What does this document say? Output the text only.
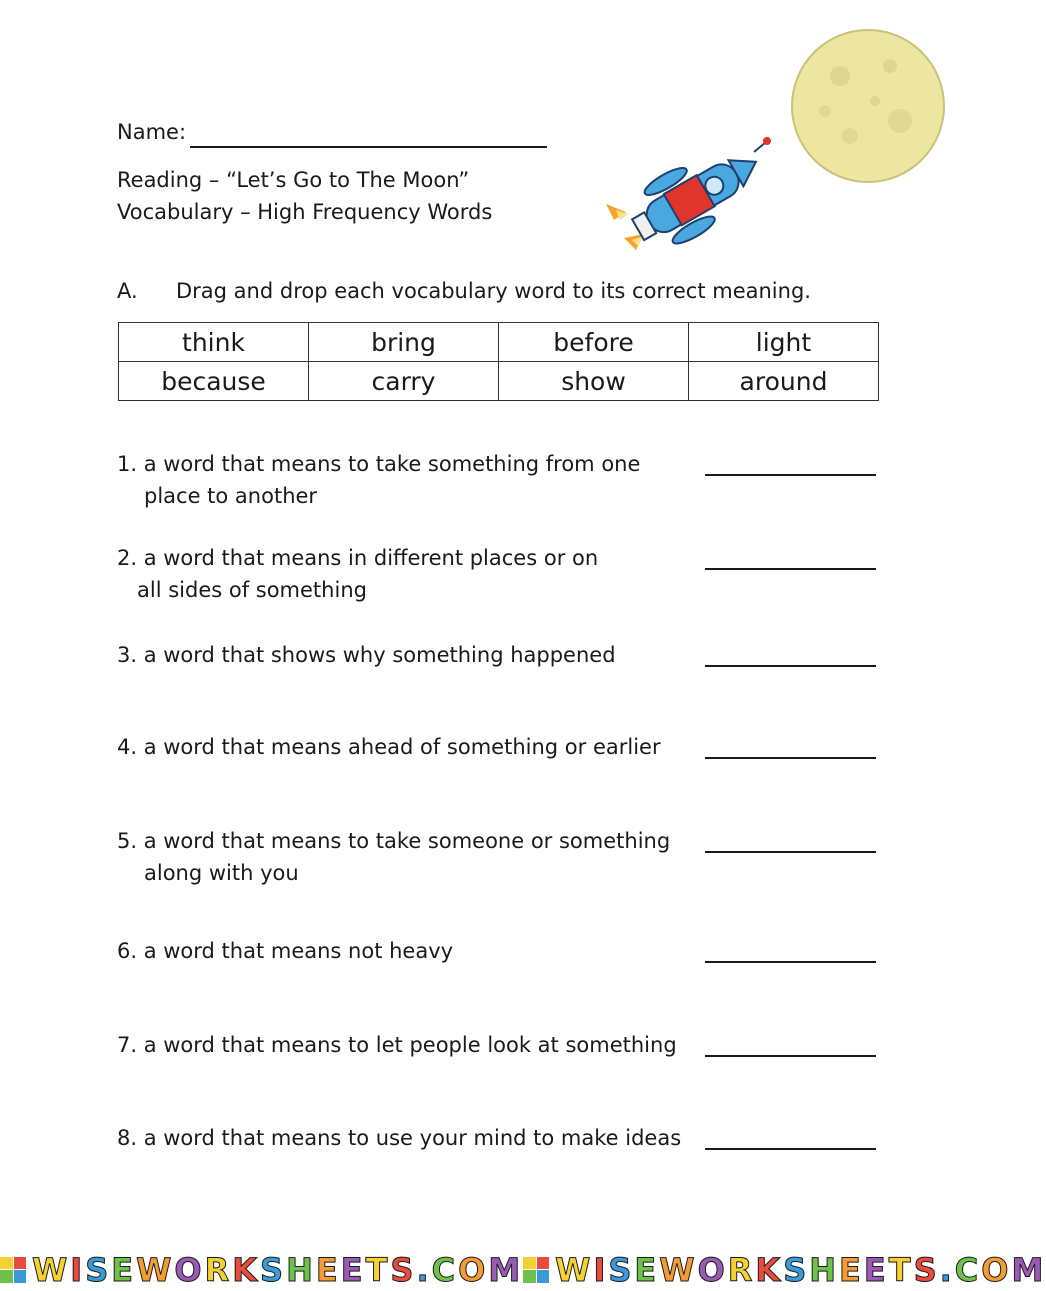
Name:
Reading – “Let’s Go to The Moon”
Vocabulary – High Frequency Words
A. Drag and drop each vocabulary word to its correct meaning.
think	bring	before	light
because	carry	show	around
1. a word that means to take something from one
place to another
2. a word that means in different places or on
all sides of something
3. a word that shows why something happened
4. a word that means ahead of something or earlier
5. a word that means to take someone or something
along with you
6. a word that means not heavy
7. a word that means to let people look at something
8. a word that means to use your mind to make ideas
WISEWORKSHEETS.COM WISEWORKSHEETS.COM
